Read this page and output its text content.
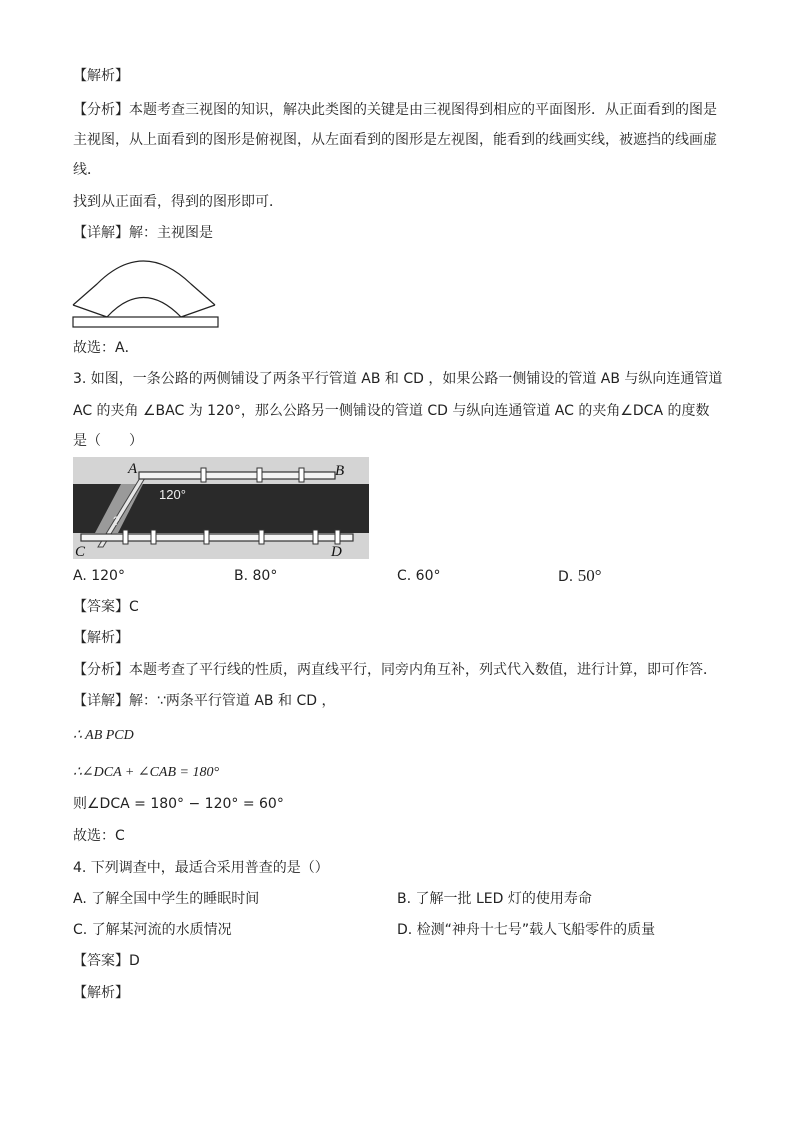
【解析】
【分析】本题考查三视图的知识，解决此类图的关键是由三视图得到相应的平面图形．从正面看到的图是
主视图，从上面看到的图形是俯视图，从左面看到的图形是左视图，能看到的线画实线，被遮挡的线画虚
线．
找到从正面看，得到的图形即可．
【详解】解：主视图是
故选：A．
3. 如图，一条公路的两侧铺设了两条平行管道 AB 和 CD ，如果公路一侧铺设的管道 AB 与纵向连通管道
AC 的夹角 ∠BAC 为 120°，那么公路另一侧铺设的管道 CD 与纵向连通管道 AC 的夹角∠DCA 的度数
是（　　）
A	B
C	D
120°
?
A. 120°	B. 80°	C. 60°	D. 50°
【答案】C
【解析】
【分析】本题考查了平行线的性质，两直线平行，同旁内角互补，列式代入数值，进行计算，即可作答．
【详解】解：∵两条平行管道 AB 和 CD ，
∴ AB PCD
∴∠DCA + ∠CAB = 180°
则∠DCA = 180° − 120° = 60°
故选：C
4. 下列调查中，最适合采用普查的是（）
A. 了解全国中学生的睡眠时间	B. 了解一批 LED 灯的使用寿命
C. 了解某河流的水质情况	D. 检测“神舟十七号”载人飞船零件的质量
【答案】D
【解析】
